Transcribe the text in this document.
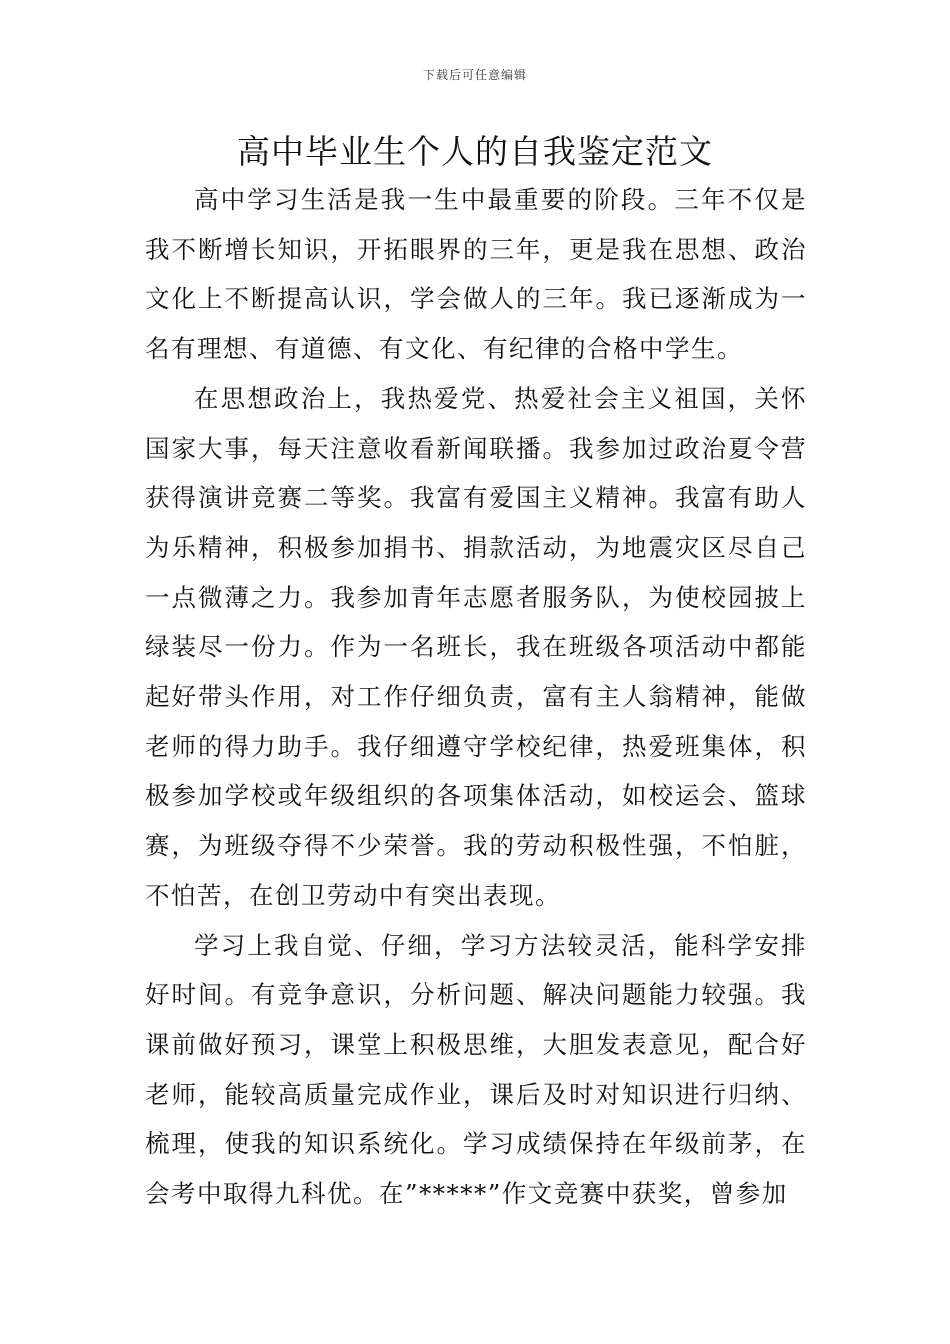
下载后可任意编辑
高中毕业生个人的自我鉴定范文

高中学习生活是我一生中最重要的阶段。三年不仅是我不断增长知识，开拓眼界的三年，更是我在思想、政治文化上不断提高认识，学会做人的三年。我已逐渐成为一名有理想、有道德、有文化、有纪律的合格中学生。

在思想政治上，我热爱党、热爱社会主义祖国，关怀国家大事，每天注意收看新闻联播。我参加过政治夏令营获得演讲竞赛二等奖。我富有爱国主义精神。我富有助人为乐精神，积极参加捐书、捐款活动，为地震灾区尽自己一点微薄之力。我参加青年志愿者服务队，为使校园披上绿装尽一份力。作为一名班长，我在班级各项活动中都能起好带头作用，对工作仔细负责，富有主人翁精神，能做老师的得力助手。我仔细遵守学校纪律，热爱班集体，积极参加学校或年级组织的各项集体活动，如校运会、篮球赛，为班级夺得不少荣誉。我的劳动积极性强，不怕脏，不怕苦，在创卫劳动中有突出表现。

学习上我自觉、仔细，学习方法较灵活，能科学安排好时间。有竞争意识，分析问题、解决问题能力较强。我课前做好预习，课堂上积极思维，大胆发表意见，配合好老师，能较高质量完成作业，课后及时对知识进行归纳、梳理，使我的知识系统化。学习成绩保持在年级前茅，在会考中取得九科优。在”*****”作文竞赛中获奖，曾参加
